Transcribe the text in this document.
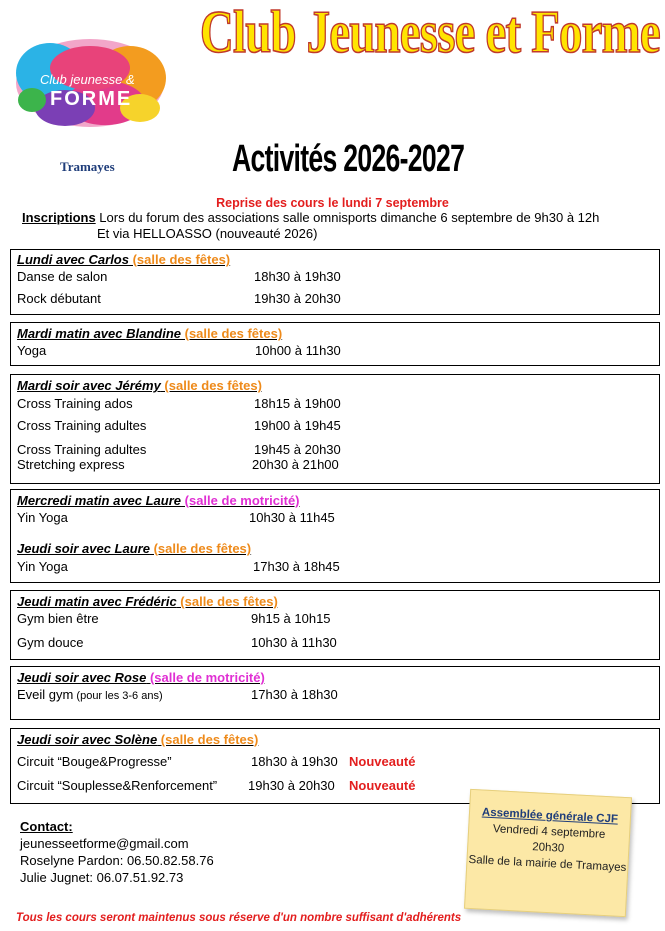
Club jeunesse &
FORME
Tramayes
Club Jeunesse et Forme
Activités 2026-2027
Reprise des cours le lundi 7 septembre
Inscriptions Lors du forum des associations salle omnisports dimanche 6 septembre de 9h30 à 12h
Et via HELLOASSO (nouveauté 2026)
Lundi avec Carlos (salle des fêtes)
Danse de salon	18h30 à 19h30
Rock débutant	19h30 à 20h30
Mardi matin avec Blandine (salle des fêtes)
Yoga	10h00 à 11h30
Mardi soir avec Jérémy (salle des fêtes)
Cross Training ados	18h15 à 19h00
Cross Training adultes	19h00 à 19h45
Cross Training adultes	19h45 à 20h30
Stretching express	20h30 à 21h00
Mercredi matin avec Laure (salle de motricité)
Yin Yoga	10h30 à 11h45
Jeudi soir avec Laure (salle des fêtes)
Yin Yoga	17h30 à 18h45
Jeudi matin avec Frédéric (salle des fêtes)
Gym bien être	9h15 à 10h15
Gym douce	10h30 à 11h30
Jeudi soir avec Rose (salle de motricité)
Eveil gym (pour les 3-6 ans)	17h30 à 18h30
Jeudi soir avec Solène (salle des fêtes)
Circuit “Bouge&Progresse”	18h30 à 19h30 Nouveauté
Circuit “Souplesse&Renforcement” 19h30 à 20h30 Nouveauté
Contact:
jeunesseetforme@gmail.com
Roselyne Pardon: 06.50.82.58.76
Julie Jugnet: 06.07.51.92.73
Assemblée générale CJF
Vendredi 4 septembre
20h30
Salle de la mairie de Tramayes
Tous les cours seront maintenus sous réserve d'un nombre suffisant d'adhérents
